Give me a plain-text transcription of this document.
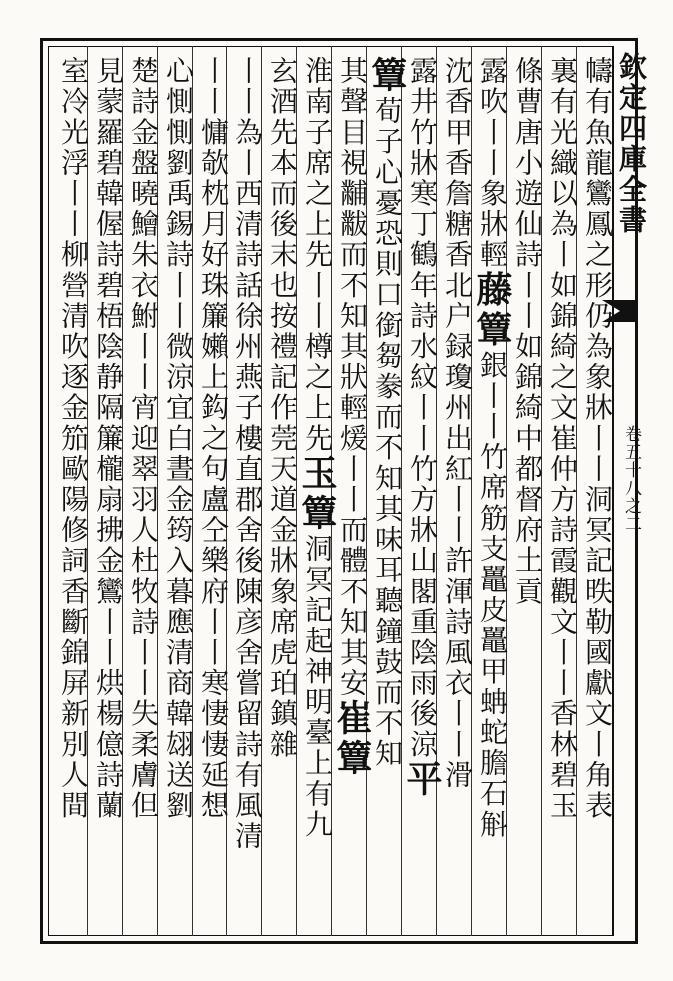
欽定四庫全書
卷五十八之二
幬有魚龍鸞鳳之形仍為象牀丨丨洞冥記昳勒國獻文丨角表
裏有光織以為丨如錦綺之文崔仲方詩霞觀文丨丨香林碧玉
條曹唐小遊仙詩丨丨如錦綺中都督府土貢
露吹丨丨象牀輕藤簟銀丨丨竹席筋支鼉皮鼉甲蚺蛇膽石斛
沈香甲香詹糖香北户録瓊州出紅丨丨許渾詩風衣丨丨滑
露井竹牀寒丁鶴年詩水紋丨丨竹方牀山閣重陰雨後涼平
簟荀子心憂恐則口銜芻豢而不知其味耳聽鐘鼓而不知
其聲目視黼黻而不知其狀輕煖丨丨而體不知其安崔簟
淮南子席之上先丨丨樽之上先玉簟洞冥記起神明臺上有九
玄酒先本而後末也按禮記作莞天道金牀象席虎珀鎮雜
丨丨為丨西清詩話徐州燕子樓直郡舍後陳彦舍嘗留詩有風清
丨丨慵欹枕月好珠簾嬾上鈎之句盧仝樂府丨丨寒悽悽延想
心惻惻劉禹錫詩丨丨微涼宜白晝金筠入暮應清商韓翃送劉
楚詩金盤曉鱠朱衣鮒丨丨宵迎翠羽人杜牧詩丨丨失柔膚但
見蒙羅碧韓偓詩碧梧陰静隔簾櫳扇拂金鸞丨丨烘楊億詩蘭
室冷光浮丨丨柳營清吹逐金笳歐陽修詞香斷錦屏新別人間
